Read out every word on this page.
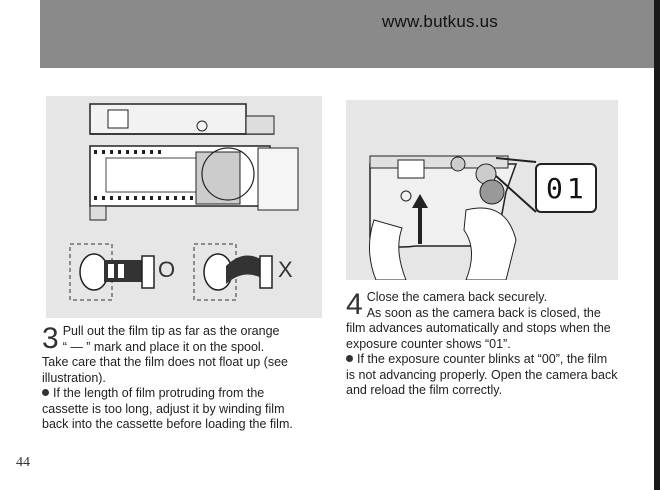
www.butkus.us
O	X
01
3 Pull out the film tip as far as the orange
“ — ” mark and place it on the spool.
Take care that the film does not float up (see illustration).
If the length of film protruding from the cassette is too long, adjust it by winding film back into the cassette before loading the film.
4 Close the camera back securely.
As soon as the camera back is closed, the film advances automatically and stops when the exposure counter shows “01”.
If the exposure counter blinks at “00”, the film is not advancing properly. Open the camera back and reload the film correctly.
44
